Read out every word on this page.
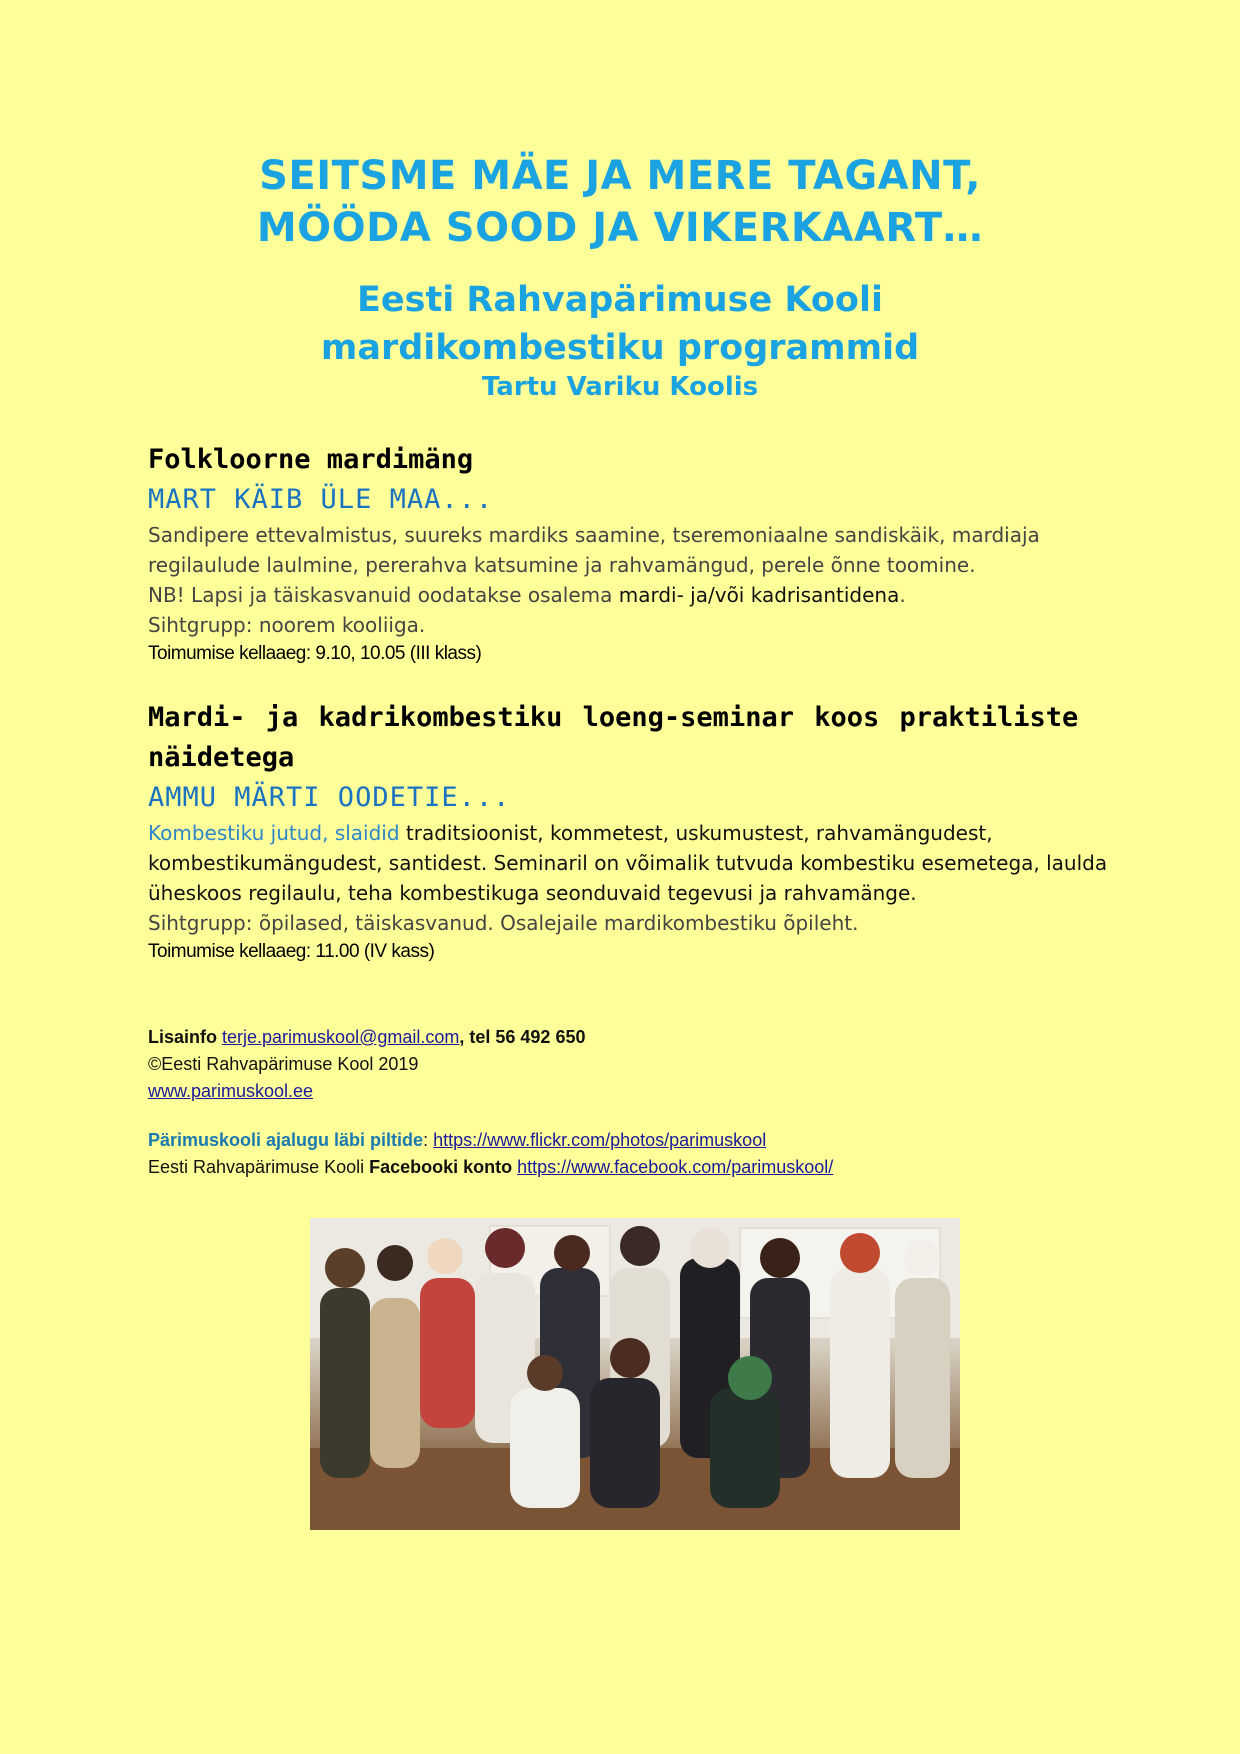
SEITSME MÄE JA MERE TAGANT,
MÖÖDA SOOD JA VIKERKAART…

Eesti Rahvapärimuse Kooli
mardikombestiku programmid

Tartu Variku Koolis

Folkloorne mardimäng

MART KÄIB ÜLE MAA...

Sandipere ettevalmistus, suureks mardiks saamine, tseremoniaalne sandiskäik, mardiaja regilaulude laulmine, pererahva katsumine ja rahvamängud, perele õnne toomine.

NB! Lapsi ja täiskasvanuid oodatakse osalema mardi- ja/või kadrisantidena.

Sihtgrupp: noorem kooliiga.

Toimumise kellaaeg: 9.10, 10.05 (III klass)

Mardi- ja kadrikombestiku loeng-seminar koos praktiliste
näidetega

AMMU MÄRTI OODETIE...

Kombestiku jutud, slaidid traditsioonist, kommetest, uskumustest, rahvamängudest, kombestikumängudest, santidest. Seminaril on võimalik tutvuda kombestiku esemetega, laulda üheskoos regilaulu, teha kombestikuga seonduvaid tegevusi ja rahvamänge.

Sihtgrupp: õpilased, täiskasvanud. Osalejaile mardikombestiku õpileht.

Toimumise kellaaeg: 11.00 (IV kass)

Lisainfo terje.parimuskool@gmail.com, tel 56 492 650

©Eesti Rahvapärimuse Kool 2019

www.parimuskool.ee

Pärimuskooli ajalugu läbi piltide: https://www.flickr.com/photos/parimuskool

Eesti Rahvapärimuse Kooli Facebooki konto https://www.facebook.com/parimuskool/
